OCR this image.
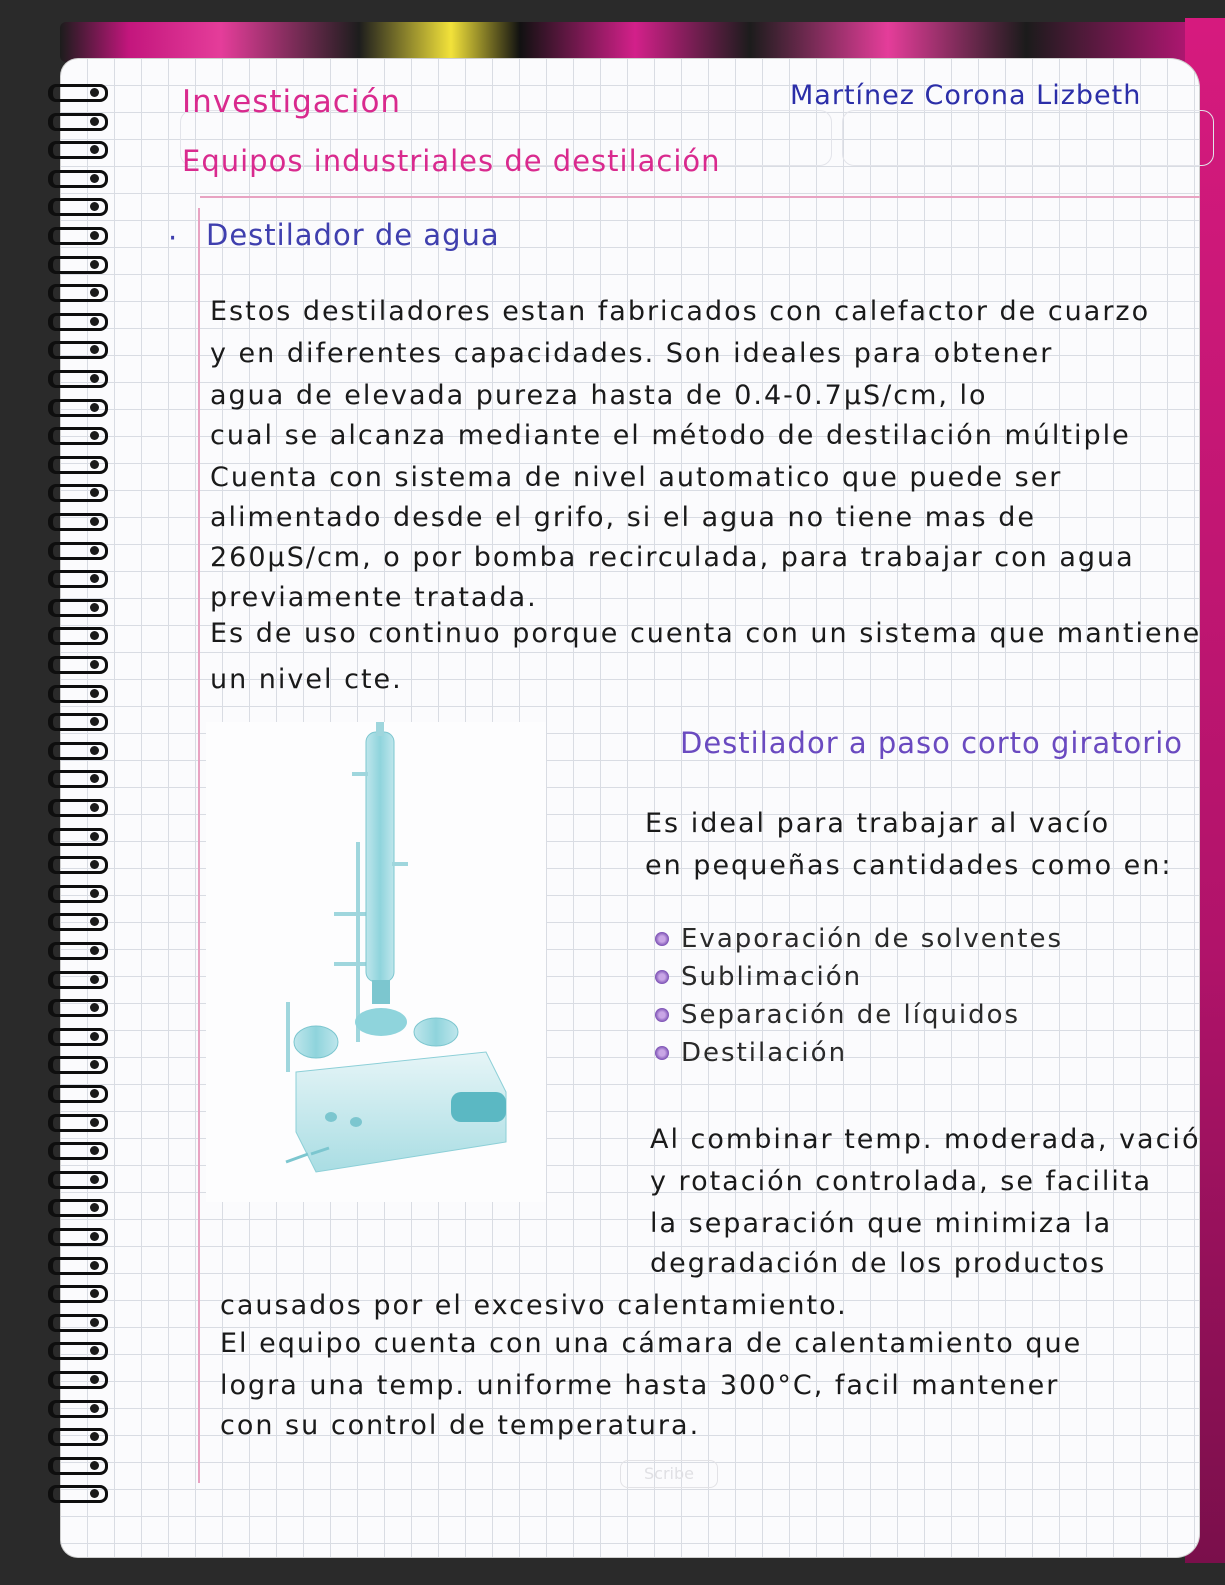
Investigación

Equipos industriales de destilación

Martínez Corona Lizbeth

· Destilador de agua

Estos destiladores estan fabricados con calefactor de cuarzo

y en diferentes capacidades. Son ideales para obtener

agua de elevada pureza hasta de 0.4-0.7µS/cm, lo

cual se alcanza mediante el método de destilación múltiple

Cuenta con sistema de nivel automatico que puede ser

alimentado desde el grifo, si el agua no tiene mas de

260µS/cm, o por bomba recirculada, para trabajar con agua

previamente tratada.

Es de uso continuo porque cuenta con un sistema que mantiene

un nivel cte.

Destilador a paso corto giratorio

Es ideal para trabajar al vacío

en pequeñas cantidades como en:

Al combinar temp. moderada, vació

y rotación controlada, se facilita

la separación que minimiza la

degradación de los productos

causados por el excesivo calentamiento.

El equipo cuenta con una cámara de calentamiento que

logra una temp. uniforme hasta 300°C, facil mantener

con su control de temperatura.

Scribe
Evaporación de solventes
Sublimación
Separación de líquidos
Destilación
